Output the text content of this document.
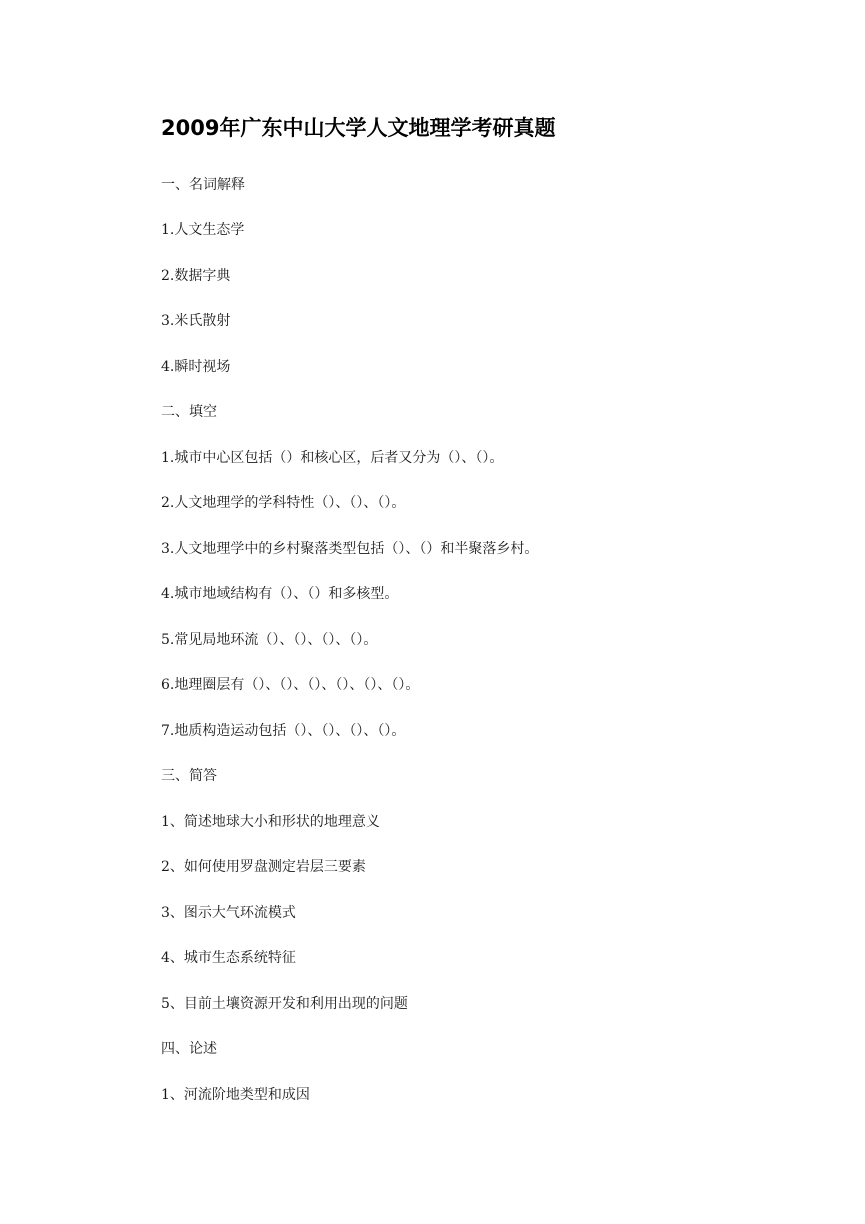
2009年广东中山大学人文地理学考研真题

一、名词解释

1.人文生态学

2.数据字典

3.米氏散射

4.瞬时视场

二、填空

1.城市中心区包括（）和核心区，后者又分为（）、（）。

2.人文地理学的学科特性（）、（）、（）。

3.人文地理学中的乡村聚落类型包括（）、（）和半聚落乡村。

4.城市地域结构有（）、（）和多核型。

5.常见局地环流（）、（）、（）、（）。

6.地理圈层有（）、（）、（）、（）、（）、（）。

7.地质构造运动包括（）、（）、（）、（）。

三、简答

1、简述地球大小和形状的地理意义

2、如何使用罗盘测定岩层三要素

3、图示大气环流模式

4、城市生态系统特征

5、目前土壤资源开发和利用出现的问题

四、论述

1、河流阶地类型和成因
